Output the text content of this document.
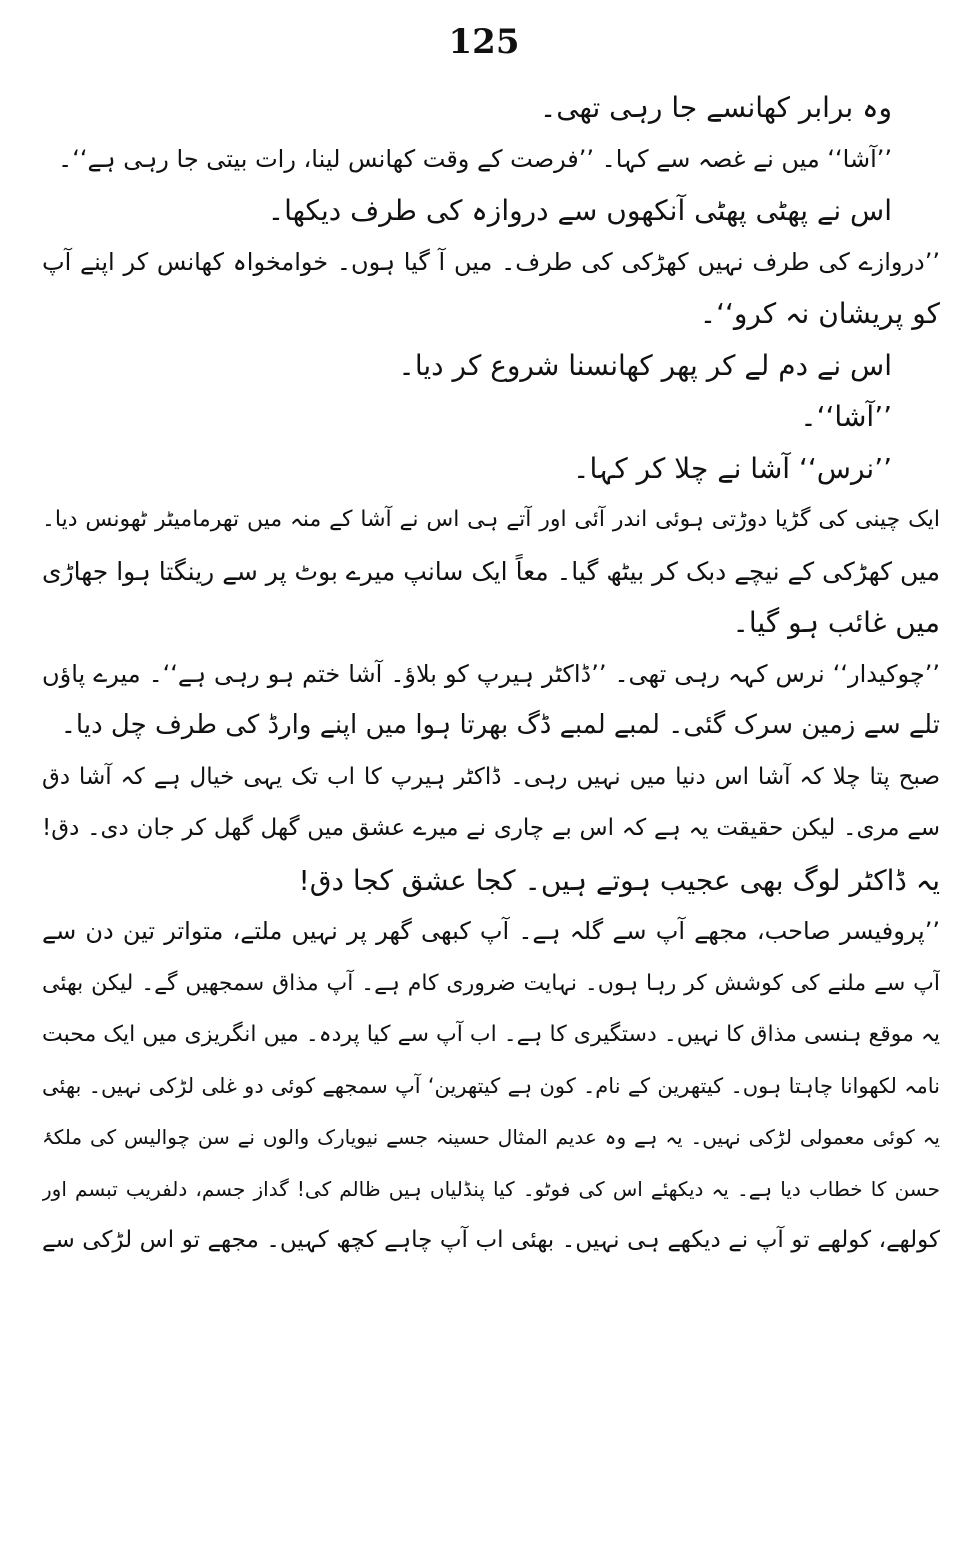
125
وہ برابر کھانسے جا رہی تھی۔
’’آشا‘‘ میں نے غصہ سے کہا۔ ’’فرصت کے وقت کھانس لینا، رات بیتی جا رہی ہے‘‘۔
اس نے پھٹی پھٹی آنکھوں سے دروازہ کی طرف دیکھا۔
’’دروازے کی طرف نہیں کھڑکی کی طرف۔ میں آ گیا ہوں۔ خوامخواہ کھانس کر اپنے آپ
کو پریشان نہ کرو‘‘۔
اس نے دم لے کر پھر کھانسنا شروع کر دیا۔
’’آشا‘‘۔
’’نرس‘‘ آشا نے چلا کر کہا۔
ایک چینی کی گڑیا دوڑتی ہوئی اندر آئی اور آتے ہی اس نے آشا کے منہ میں تھرمامیٹر ٹھونس دیا۔
میں کھڑکی کے نیچے دبک کر بیٹھ گیا۔ معاً ایک سانپ میرے بوٹ پر سے رینگتا ہوا جھاڑی
میں غائب ہو گیا۔
’’چوکیدار‘‘ نرس کہہ رہی تھی۔ ’’ڈاکٹر ہیرپ کو بلاؤ۔ آشا ختم ہو رہی ہے‘‘۔ میرے پاؤں
تلے سے زمین سرک گئی۔ لمبے لمبے ڈگ بھرتا ہوا میں اپنے وارڈ کی طرف چل دیا۔
صبح پتا چلا کہ آشا اس دنیا میں نہیں رہی۔ ڈاکٹر ہیرپ کا اب تک یہی خیال ہے کہ آشا دق
سے مری۔ لیکن حقیقت یہ ہے کہ اس بے چاری نے میرے عشق میں گھل گھل کر جان دی۔ دق!
یہ ڈاکٹر لوگ بھی عجیب ہوتے ہیں۔ کجا عشق کجا دق!
’’پروفیسر صاحب، مجھے آپ سے گلہ ہے۔ آپ کبھی گھر پر نہیں ملتے، متواتر تین دن سے
آپ سے ملنے کی کوشش کر رہا ہوں۔ نہایت ضروری کام ہے۔ آپ مذاق سمجھیں گے۔ لیکن بھئی
یہ موقع ہنسی مذاق کا نہیں۔ دستگیری کا ہے۔ اب آپ سے کیا پردہ۔ میں انگریزی میں ایک محبت
نامہ لکھوانا چاہتا ہوں۔ کیتھرین کے نام۔ کون ہے کیتھرین‘ آپ سمجھے کوئی دو غلی لڑکی نہیں۔ بھئی
یہ کوئی معمولی لڑکی نہیں۔ یہ ہے وہ عدیم المثال حسینہ جسے نیویارک والوں نے سن چوالیس کی ملکۂ
حسن کا خطاب دیا ہے۔ یہ دیکھئے اس کی فوٹو۔ کیا پنڈلیاں ہیں ظالم کی! گداز جسم، دلفریب تبسم اور
کولھے، کولھے تو آپ نے دیکھے ہی نہیں۔ بھئی اب آپ چاہے کچھ کہیں۔ مجھے تو اس لڑکی سے
